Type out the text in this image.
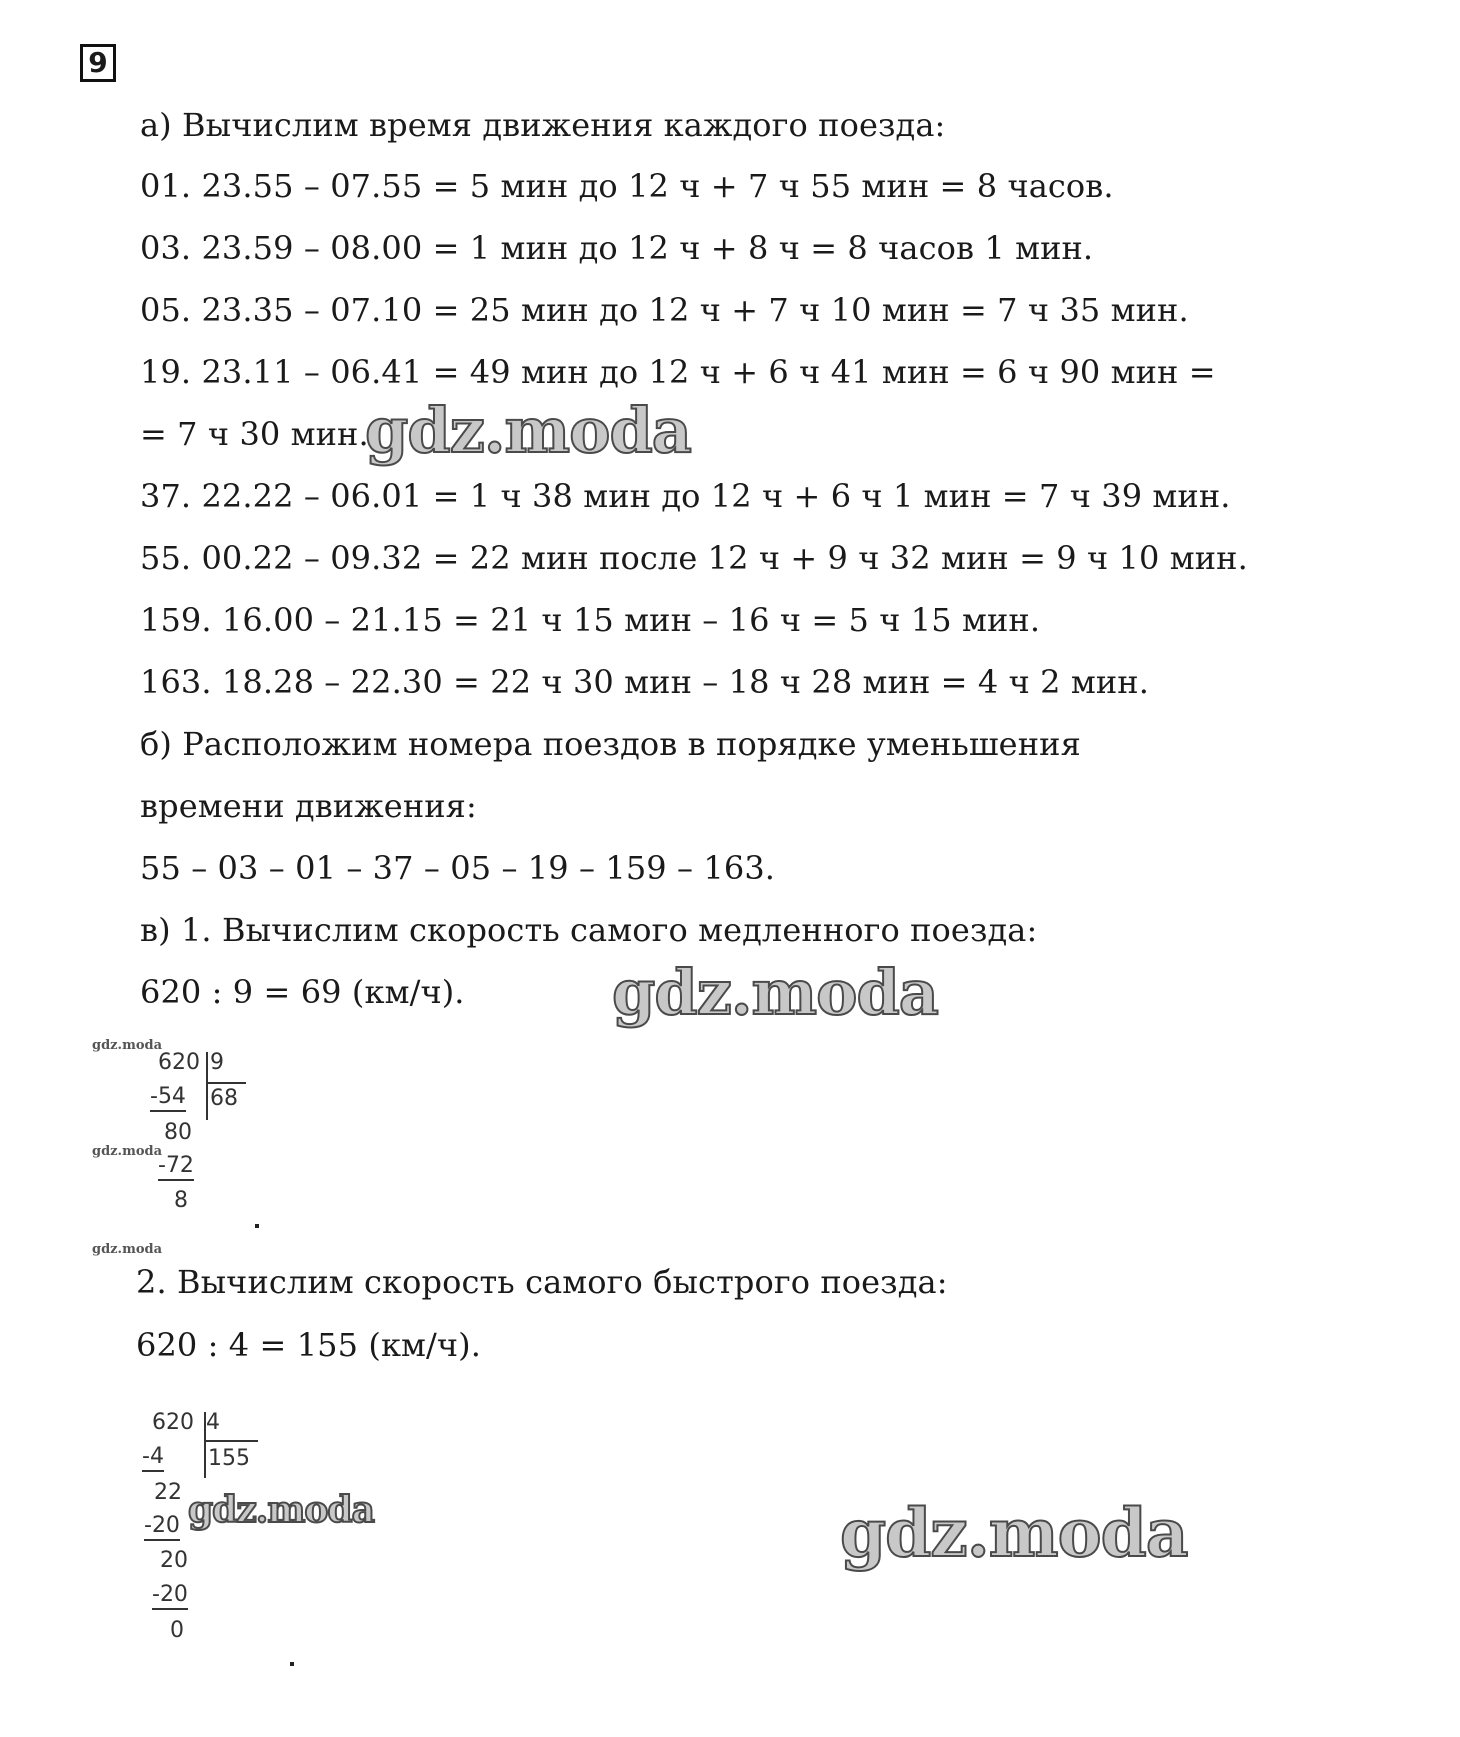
9
а) Вычислим время движения каждого поезда:
01. 23.55 – 07.55 = 5 мин до 12 ч + 7 ч 55 мин = 8 часов.
03. 23.59 – 08.00 = 1 мин до 12 ч + 8 ч = 8 часов 1 мин.
05. 23.35 – 07.10 = 25 мин до 12 ч + 7 ч 10 мин = 7 ч 35 мин.
19. 23.11 – 06.41 = 49 мин до 12 ч + 6 ч 41 мин = 6 ч 90 мин =
= 7 ч 30 мин.
37. 22.22 – 06.01 = 1 ч 38 мин до 12 ч + 6 ч 1 мин = 7 ч 39 мин.
55. 00.22 – 09.32 = 22 мин после 12 ч + 9 ч 32 мин = 9 ч 10 мин.
159. 16.00 – 21.15 = 21 ч 15 мин – 16 ч = 5 ч 15 мин.
163. 18.28 – 22.30 = 22 ч 30 мин – 18 ч 28 мин = 4 ч 2 мин.
б) Расположим номера поездов в порядке уменьшения
времени движения:
55 – 03 – 01 – 37 – 05 – 19 – 159 – 163.
в) 1. Вычислим скорость самого медленного поезда:
620 : 9 = 69 (км/ч).
620 9
-54 68
80
-72
8
2. Вычислим скорость самого быстрого поезда:
620 : 4 = 155 (км/ч).
620 4
-4 155
22
-20
20
-20
0
gdz.moda
gdz.moda
gdz.moda	gdz.moda
gdz.moda
gdz.moda
gdz.moda
